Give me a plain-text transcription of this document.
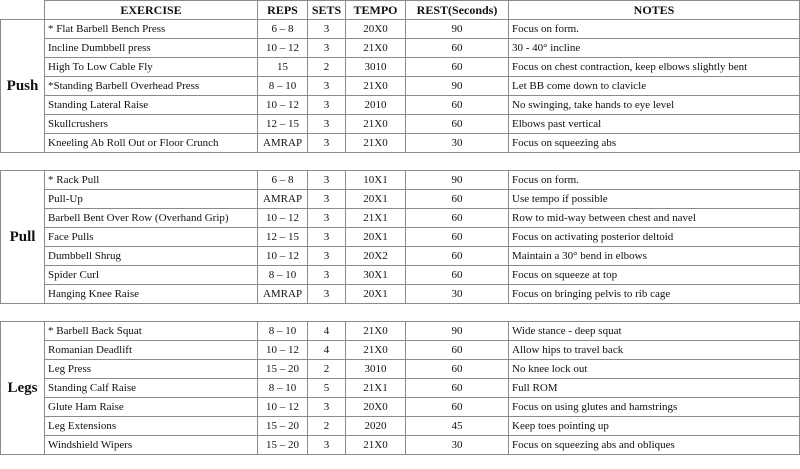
	EXERCISE	REPS	SETS	TEMPO	REST(Seconds)	NOTES
Push	* Flat Barbell Bench Press	6 – 8	3	20X0	90	Focus on form.
	Incline Dumbbell press	10 – 12	3	21X0	60	30 - 40° incline
	High To Low Cable Fly	15	2	3010	60	Focus on chest contraction, keep elbows slightly bent
	*Standing Barbell Overhead Press	8 – 10	3	21X0	90	Let BB come down to clavicle
	Standing Lateral Raise	10 – 12	3	2010	60	No swinging, take hands to eye level
	Skullcrushers	12 – 15	3	21X0	60	Elbows past vertical
	Kneeling Ab Roll Out or Floor Crunch	AMRAP	3	21X0	30	Focus on squeezing abs

Pull	* Rack Pull	6 – 8	3	10X1	90	Focus on form.
	Pull-Up	AMRAP	3	20X1	60	Use tempo if possible
	Barbell Bent Over Row (Overhand Grip)	10 – 12	3	21X1	60	Row to mid-way between chest and navel
	Face Pulls	12 – 15	3	20X1	60	Focus on activating posterior deltoid
	Dumbbell Shrug	10 – 12	3	20X2	60	Maintain a 30° bend in elbows
	Spider Curl	8 – 10	3	30X1	60	Focus on squeeze at top
	Hanging Knee Raise	AMRAP	3	20X1	30	Focus on bringing pelvis to rib cage

Legs	* Barbell Back Squat	8 – 10	4	21X0	90	Wide stance - deep squat
	Romanian Deadlift	10 – 12	4	21X0	60	Allow hips to travel back
	Leg Press	15 – 20	2	3010	60	No knee lock out
	Standing Calf Raise	8 – 10	5	21X1	60	Full ROM
	Glute Ham Raise	10 – 12	3	20X0	60	Focus on using glutes and hamstrings
	Leg Extensions	15 – 20	2	2020	45	Keep toes pointing up
	Windshield Wipers	15 – 20	3	21X0	30	Focus on squeezing abs and obliques
